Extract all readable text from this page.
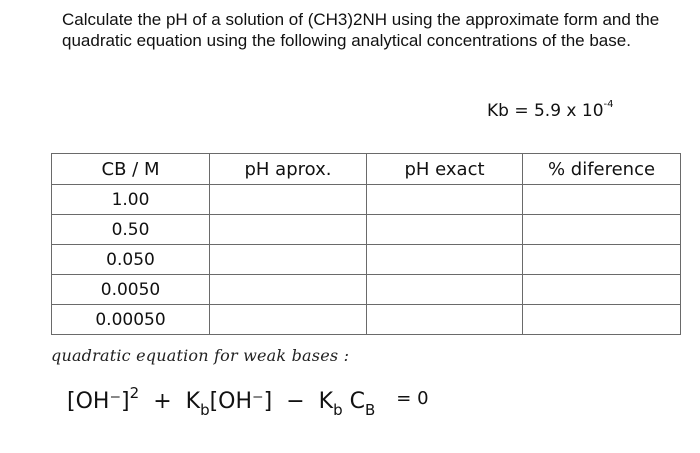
Calculate the pH of a solution of (CH3)2NH using the approximate form and the quadratic equation using the following analytical concentrations of the base.
Kb = 5.9 x $10^{-4}$
CB / M	pH aprox.	pH exact	% diference
1.00			
0.50			
0.050			
0.0050			
0.00050			
quadratic equation for weak bases :
$[OH^-]^2 + K_b[OH^-] - K_b$ $C_B = 0$
